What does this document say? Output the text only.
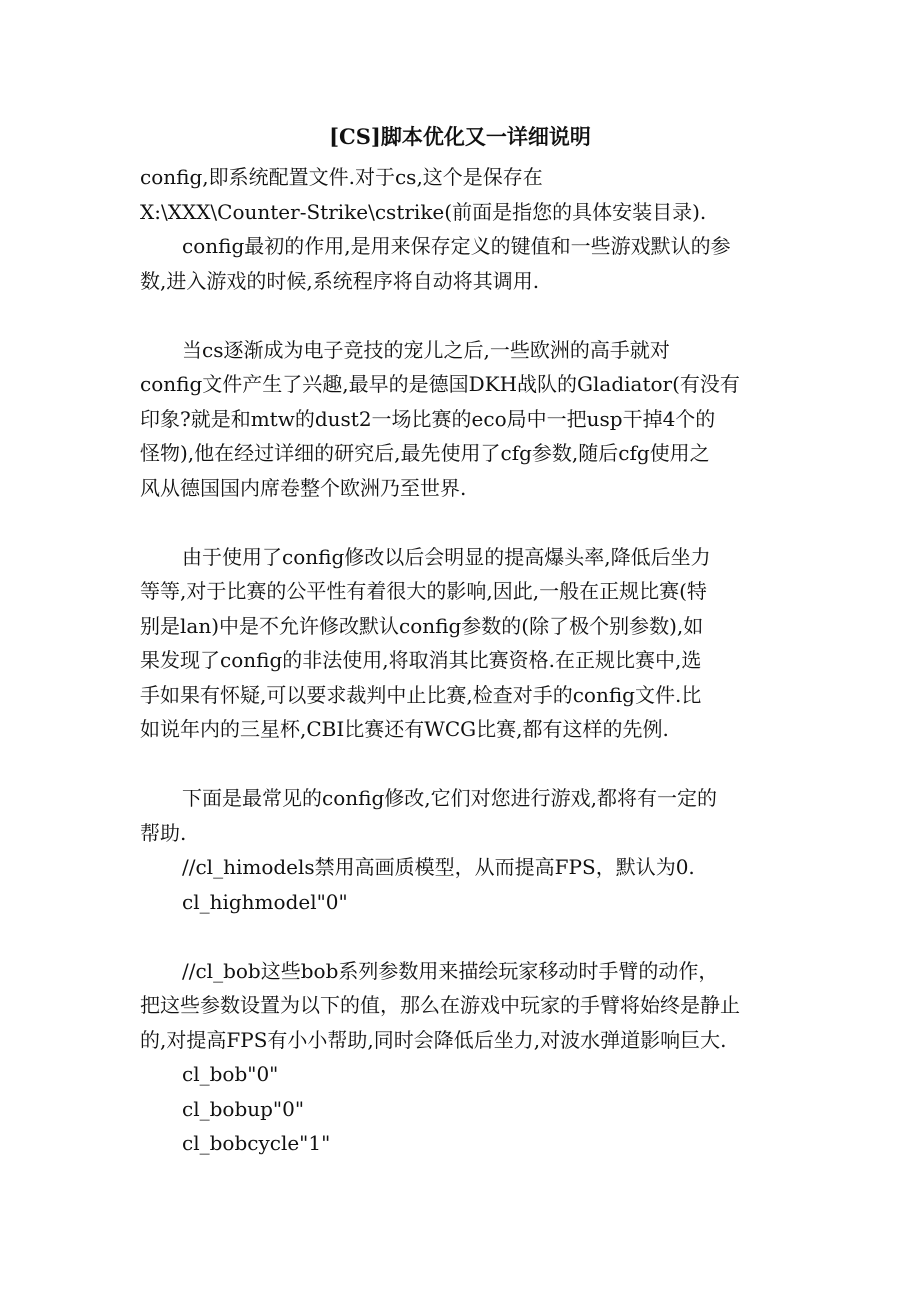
[CS]脚本优化又一详细说明
config,即系统配置文件.对于cs,这个是保存在
X:\XXX\Counter-Strike\cstrike(前面是指您的具体安装目录).
config最初的作用,是用来保存定义的键值和一些游戏默认的参
数,进入游戏的时候,系统程序将自动将其调用.
当cs逐渐成为电子竞技的宠儿之后,一些欧洲的高手就对
config文件产生了兴趣,最早的是德国DKH战队的Gladiator(有没有
印象?就是和mtw的dust2一场比赛的eco局中一把usp干掉4个的
怪物),他在经过详细的研究后,最先使用了cfg参数,随后cfg使用之
风从德国国内席卷整个欧洲乃至世界.
由于使用了config修改以后会明显的提高爆头率,降低后坐力
等等,对于比赛的公平性有着很大的影响,因此,一般在正规比赛(特
别是lan)中是不允许修改默认config参数的(除了极个别参数),如
果发现了config的非法使用,将取消其比赛资格.在正规比赛中,选
手如果有怀疑,可以要求裁判中止比赛,检查对手的config文件.比
如说年内的三星杯,CBI比赛还有WCG比赛,都有这样的先例.
下面是最常见的config修改,它们对您进行游戏,都将有一定的
帮助.
//cl_himodels禁用高画质模型，从而提高FPS，默认为0.
cl_highmodel"0"
//cl_bob这些bob系列参数用来描绘玩家移动时手臂的动作，
把这些参数设置为以下的值，那么在游戏中玩家的手臂将始终是静止
的,对提高FPS有小小帮助,同时会降低后坐力,对波水弹道影响巨大.
cl_bob"0"
cl_bobup"0"
cl_bobcycle"1"
